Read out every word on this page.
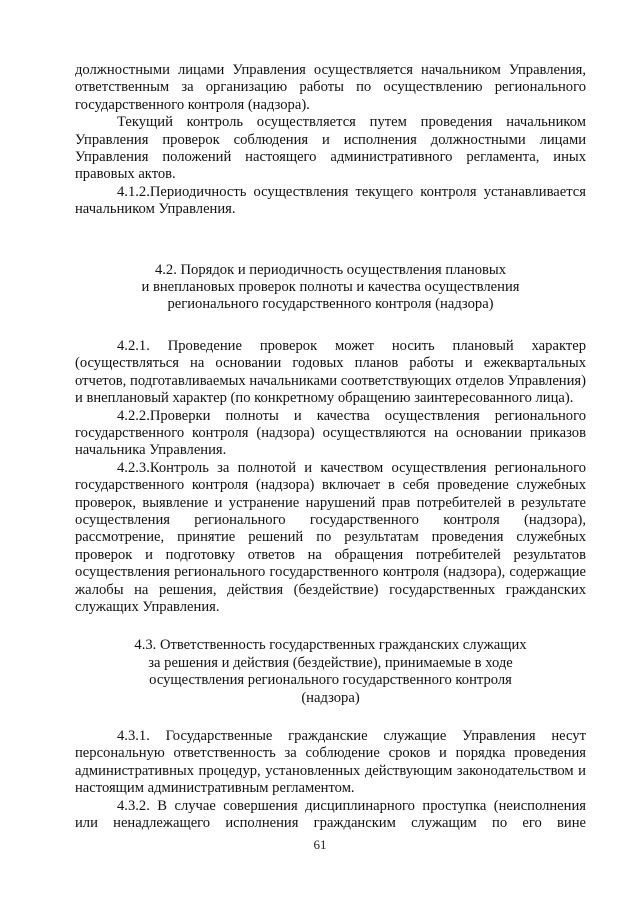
должностными лицами Управления осуществляется начальником Управления, ответственным за организацию работы по осуществлению регионального государственного контроля (надзора).

Текущий контроль осуществляется путем проведения начальником Управления проверок соблюдения и исполнения должностными лицами Управления положений настоящего административного регламента, иных правовых актов.

4.1.2.Периодичность осуществления текущего контроля устанавливается начальником Управления.

4.2. Порядок и периодичность осуществления плановых
и внеплановых проверок полноты и качества осуществления
регионального государственного контроля (надзора)

4.2.1. Проведение проверок может носить плановый характер (осуществляться на основании годовых планов работы и ежеквартальных отчетов, подготавливаемых начальниками соответствующих отделов Управления) и внеплановый характер (по конкретному обращению заинтересованного лица).

4.2.2.Проверки полноты и качества осуществления регионального государственного контроля (надзора) осуществляются на основании приказов начальника Управления.

4.2.3.Контроль за полнотой и качеством осуществления регионального государственного контроля (надзора) включает в себя проведение служебных проверок, выявление и устранение нарушений прав потребителей в результате осуществления регионального государственного контроля (надзора), рассмотрение, принятие решений по результатам проведения служебных проверок и подготовку ответов на обращения потребителей результатов осуществления регионального государственного контроля (надзора), содержащие жалобы на решения, действия (бездействие) государственных гражданских служащих Управления.

4.3. Ответственность государственных гражданских служащих
за решения и действия (бездействие), принимаемые в ходе
осуществления регионального государственного контроля
(надзора)

4.3.1. Государственные гражданские служащие Управления несут персональную ответственность за соблюдение сроков и порядка проведения административных процедур, установленных действующим законодательством и настоящим административным регламентом.

4.3.2. В случае совершения дисциплинарного проступка (неисполнения или ненадлежащего исполнения гражданским служащим по его вине

61
